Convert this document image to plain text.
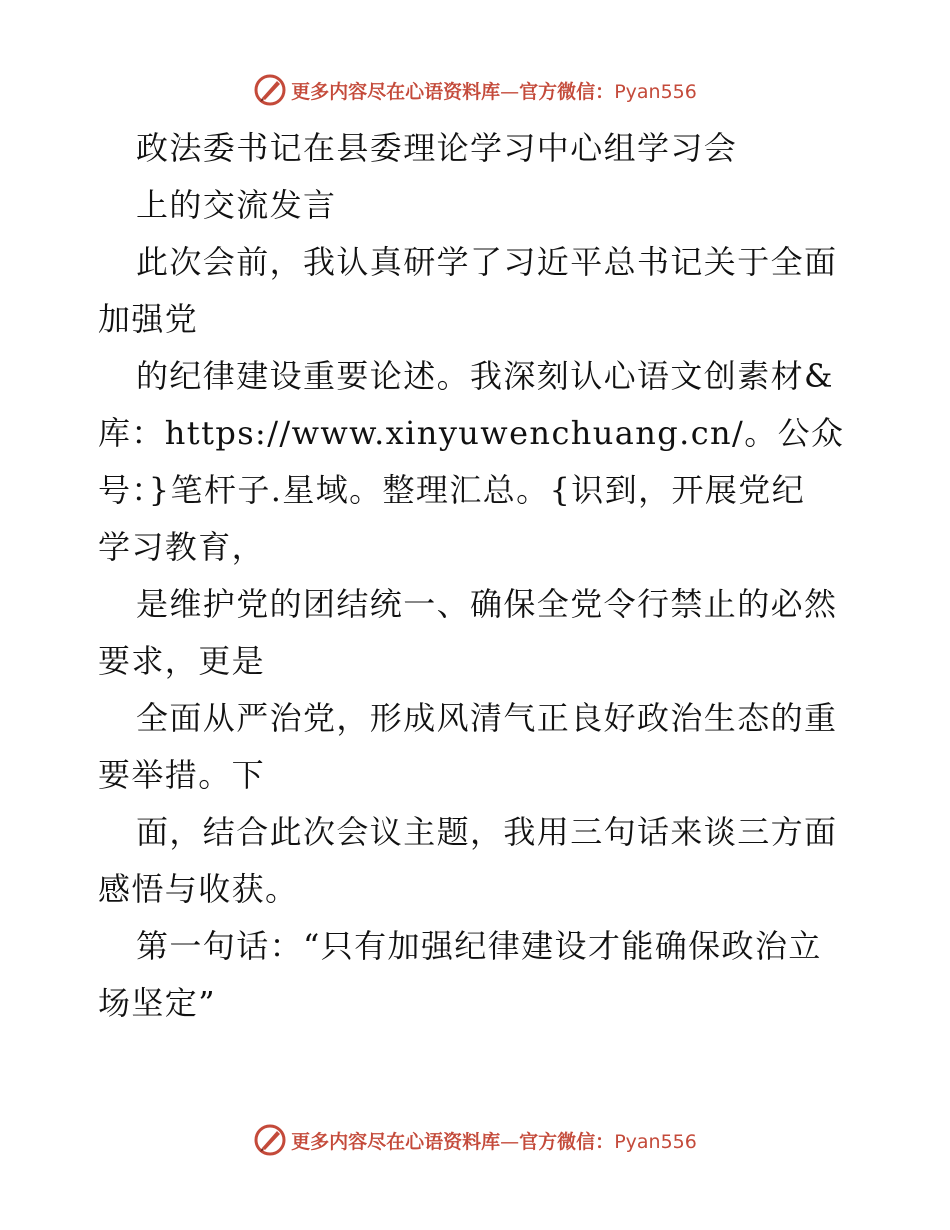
更多内容尽在心语资料库—官方微信：Pyan556
政法委书记在县委理论学习中心组学习会
上的交流发言
此次会前，我认真研学了习近平总书记关于全面
加强党
的纪律建设重要论述。我深刻认心语文创素材&
库：https://www.xinyuwenchuang.cn/。公众
号：}笔杆子.星域。整理汇总。{识到，开展党纪
学习教育，
是维护党的团结统一、确保全党令行禁止的必然
要求，更是
全面从严治党，形成风清气正良好政治生态的重
要举措。下
面，结合此次会议主题，我用三句话来谈三方面
感悟与收获。
第一句话：“只有加强纪律建设才能确保政治立
场坚定”
更多内容尽在心语资料库—官方微信：Pyan556
